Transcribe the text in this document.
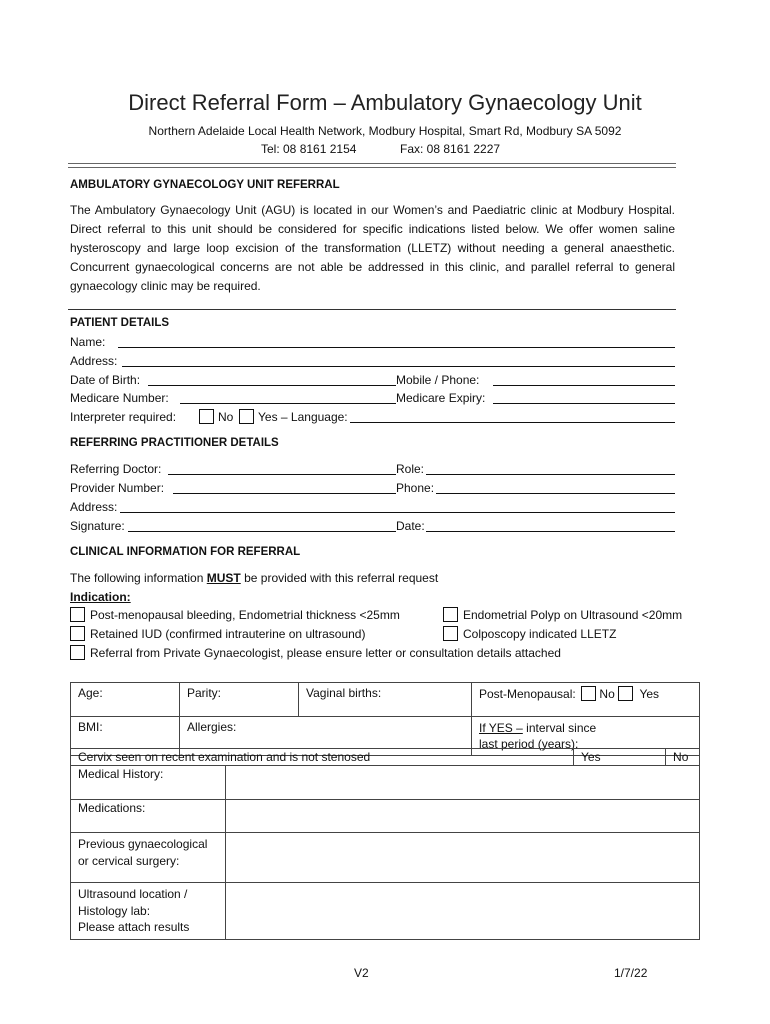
Direct Referral Form – Ambulatory Gynaecology Unit
Northern Adelaide Local Health Network, Modbury Hospital, Smart Rd, Modbury SA 5092
Tel: 08 8161 2154	Fax: 08 8161 2227
AMBULATORY GYNAECOLOGY UNIT REFERRAL
The Ambulatory Gynaecology Unit (AGU) is located in our Women’s and Paediatric clinic at Modbury Hospital. Direct referral to this unit should be considered for specific indications listed below. We offer women saline hysteroscopy and large loop excision of the transformation (LLETZ) without needing a general anaesthetic. Concurrent gynaecological concerns are not able be addressed in this clinic, and parallel referral to general gynaecology clinic may be required.
PATIENT DETAILS
Name:
Address:
Date of Birth:	Mobile / Phone:
Medicare Number:	Medicare Expiry:
Interpreter required:	No Yes – Language:
REFERRING PRACTITIONER DETAILS
Referring Doctor:	Role:
Provider Number:	Phone:
Address:
Signature:	Date:
CLINICAL INFORMATION FOR REFERRAL
The following information MUST be provided with this referral request
Indication:
Post-menopausal bleeding, Endometrial thickness <25mm	Endometrial Polyp on Ultrasound <20mm
Retained IUD (confirmed intrauterine on ultrasound)	Colposcopy indicated LLETZ
Referral from Private Gynaecologist, please ensure letter or consultation details attached
Age:	Parity:	Vaginal births:	Post-Menopausal: No Yes
BMI:	Allergies:		If YES – interval since
last period (years):
Cervix seen on recent examination and is not stenosed		Yes	No
Medical History:			
Medications:			
Previous gynaecological
or cervical surgery:			
Ultrasound location /
Histology lab:
Please attach results			
V2	1/7/22
